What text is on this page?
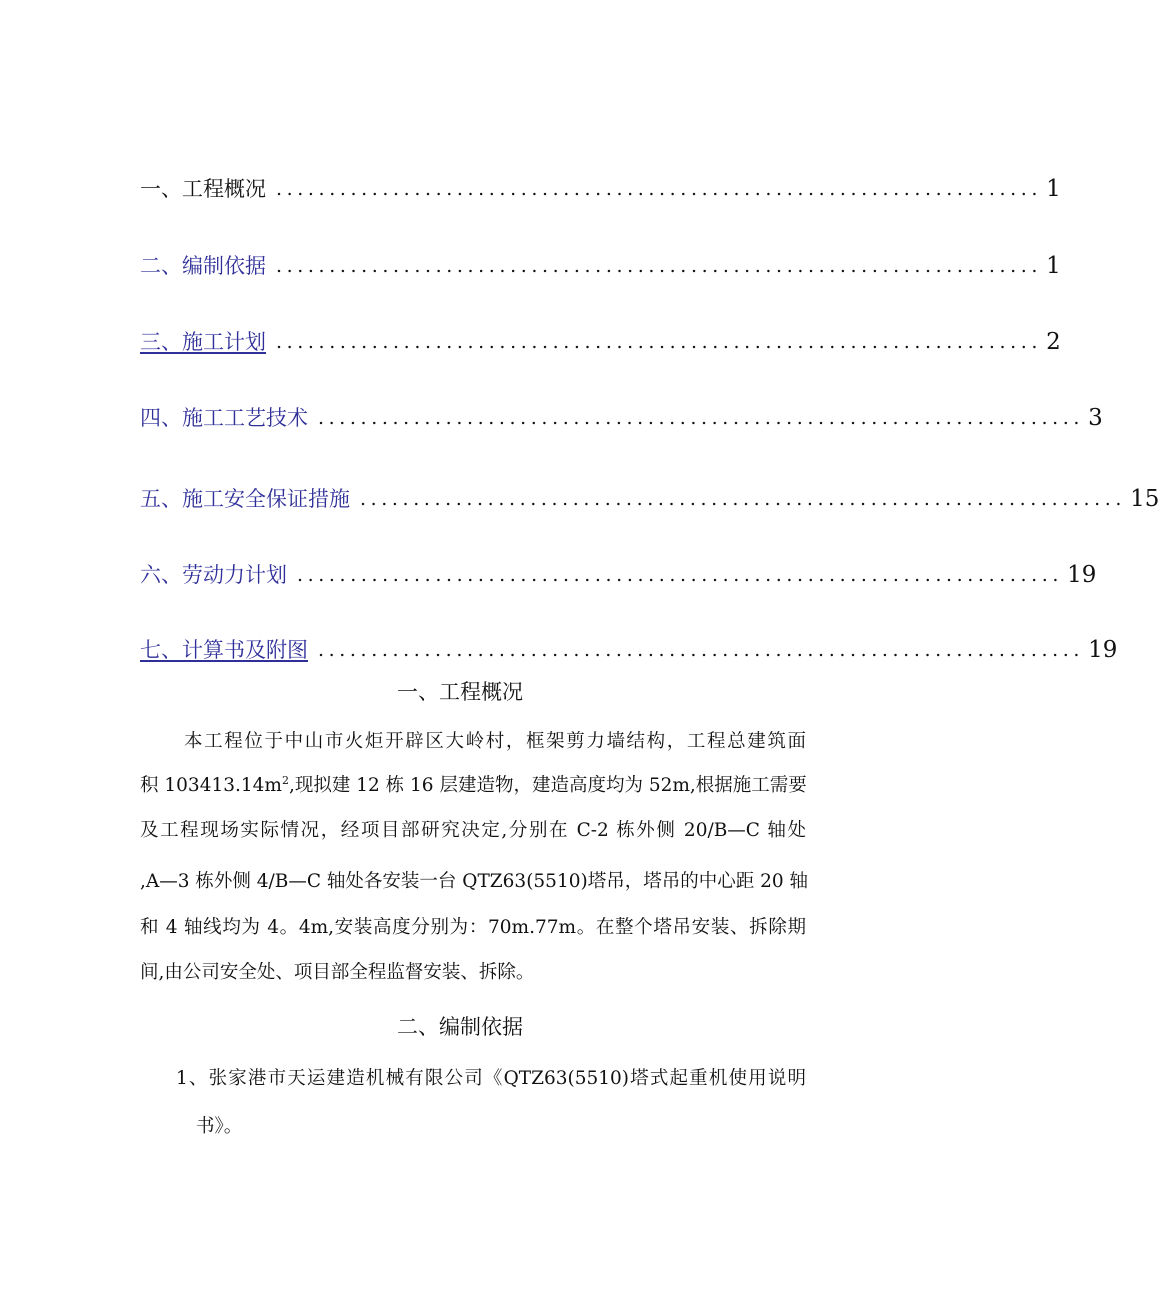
一、工程概况 ........................................................................ 1
二、编制依据 ........................................................................ 1
三、施工计划 ........................................................................ 2
四、施工工艺技术 ........................................................................ 3
五、施工安全保证措施 ........................................................................ 15
六、劳动力计划 ........................................................................ 19
七、计算书及附图 ........................................................................ 19
一、工程概况
本工程位于中山市火炬开辟区大岭村，框架剪力墙结构，工程总建筑面
积 $103413.14m^2$,现拟建 12 栋 16 层建造物，建造高度均为 52m,根据施工需要
及工程现场实际情况，经项目部研究决定,分别在 C-2 栋外侧 20/B—C 轴处
,A—3 栋外侧 4/B—C 轴处各安装一台 QTZ63(5510)塔吊，塔吊的中心距 20 轴
和 4 轴线均为 4。4m,安装高度分别为：70m.77m。在整个塔吊安装、拆除期
间,由公司安全处、项目部全程监督安装、拆除。
二、编制依据
1、张家港市天运建造机械有限公司《QTZ63(5510)塔式起重机使用说明
书》。
